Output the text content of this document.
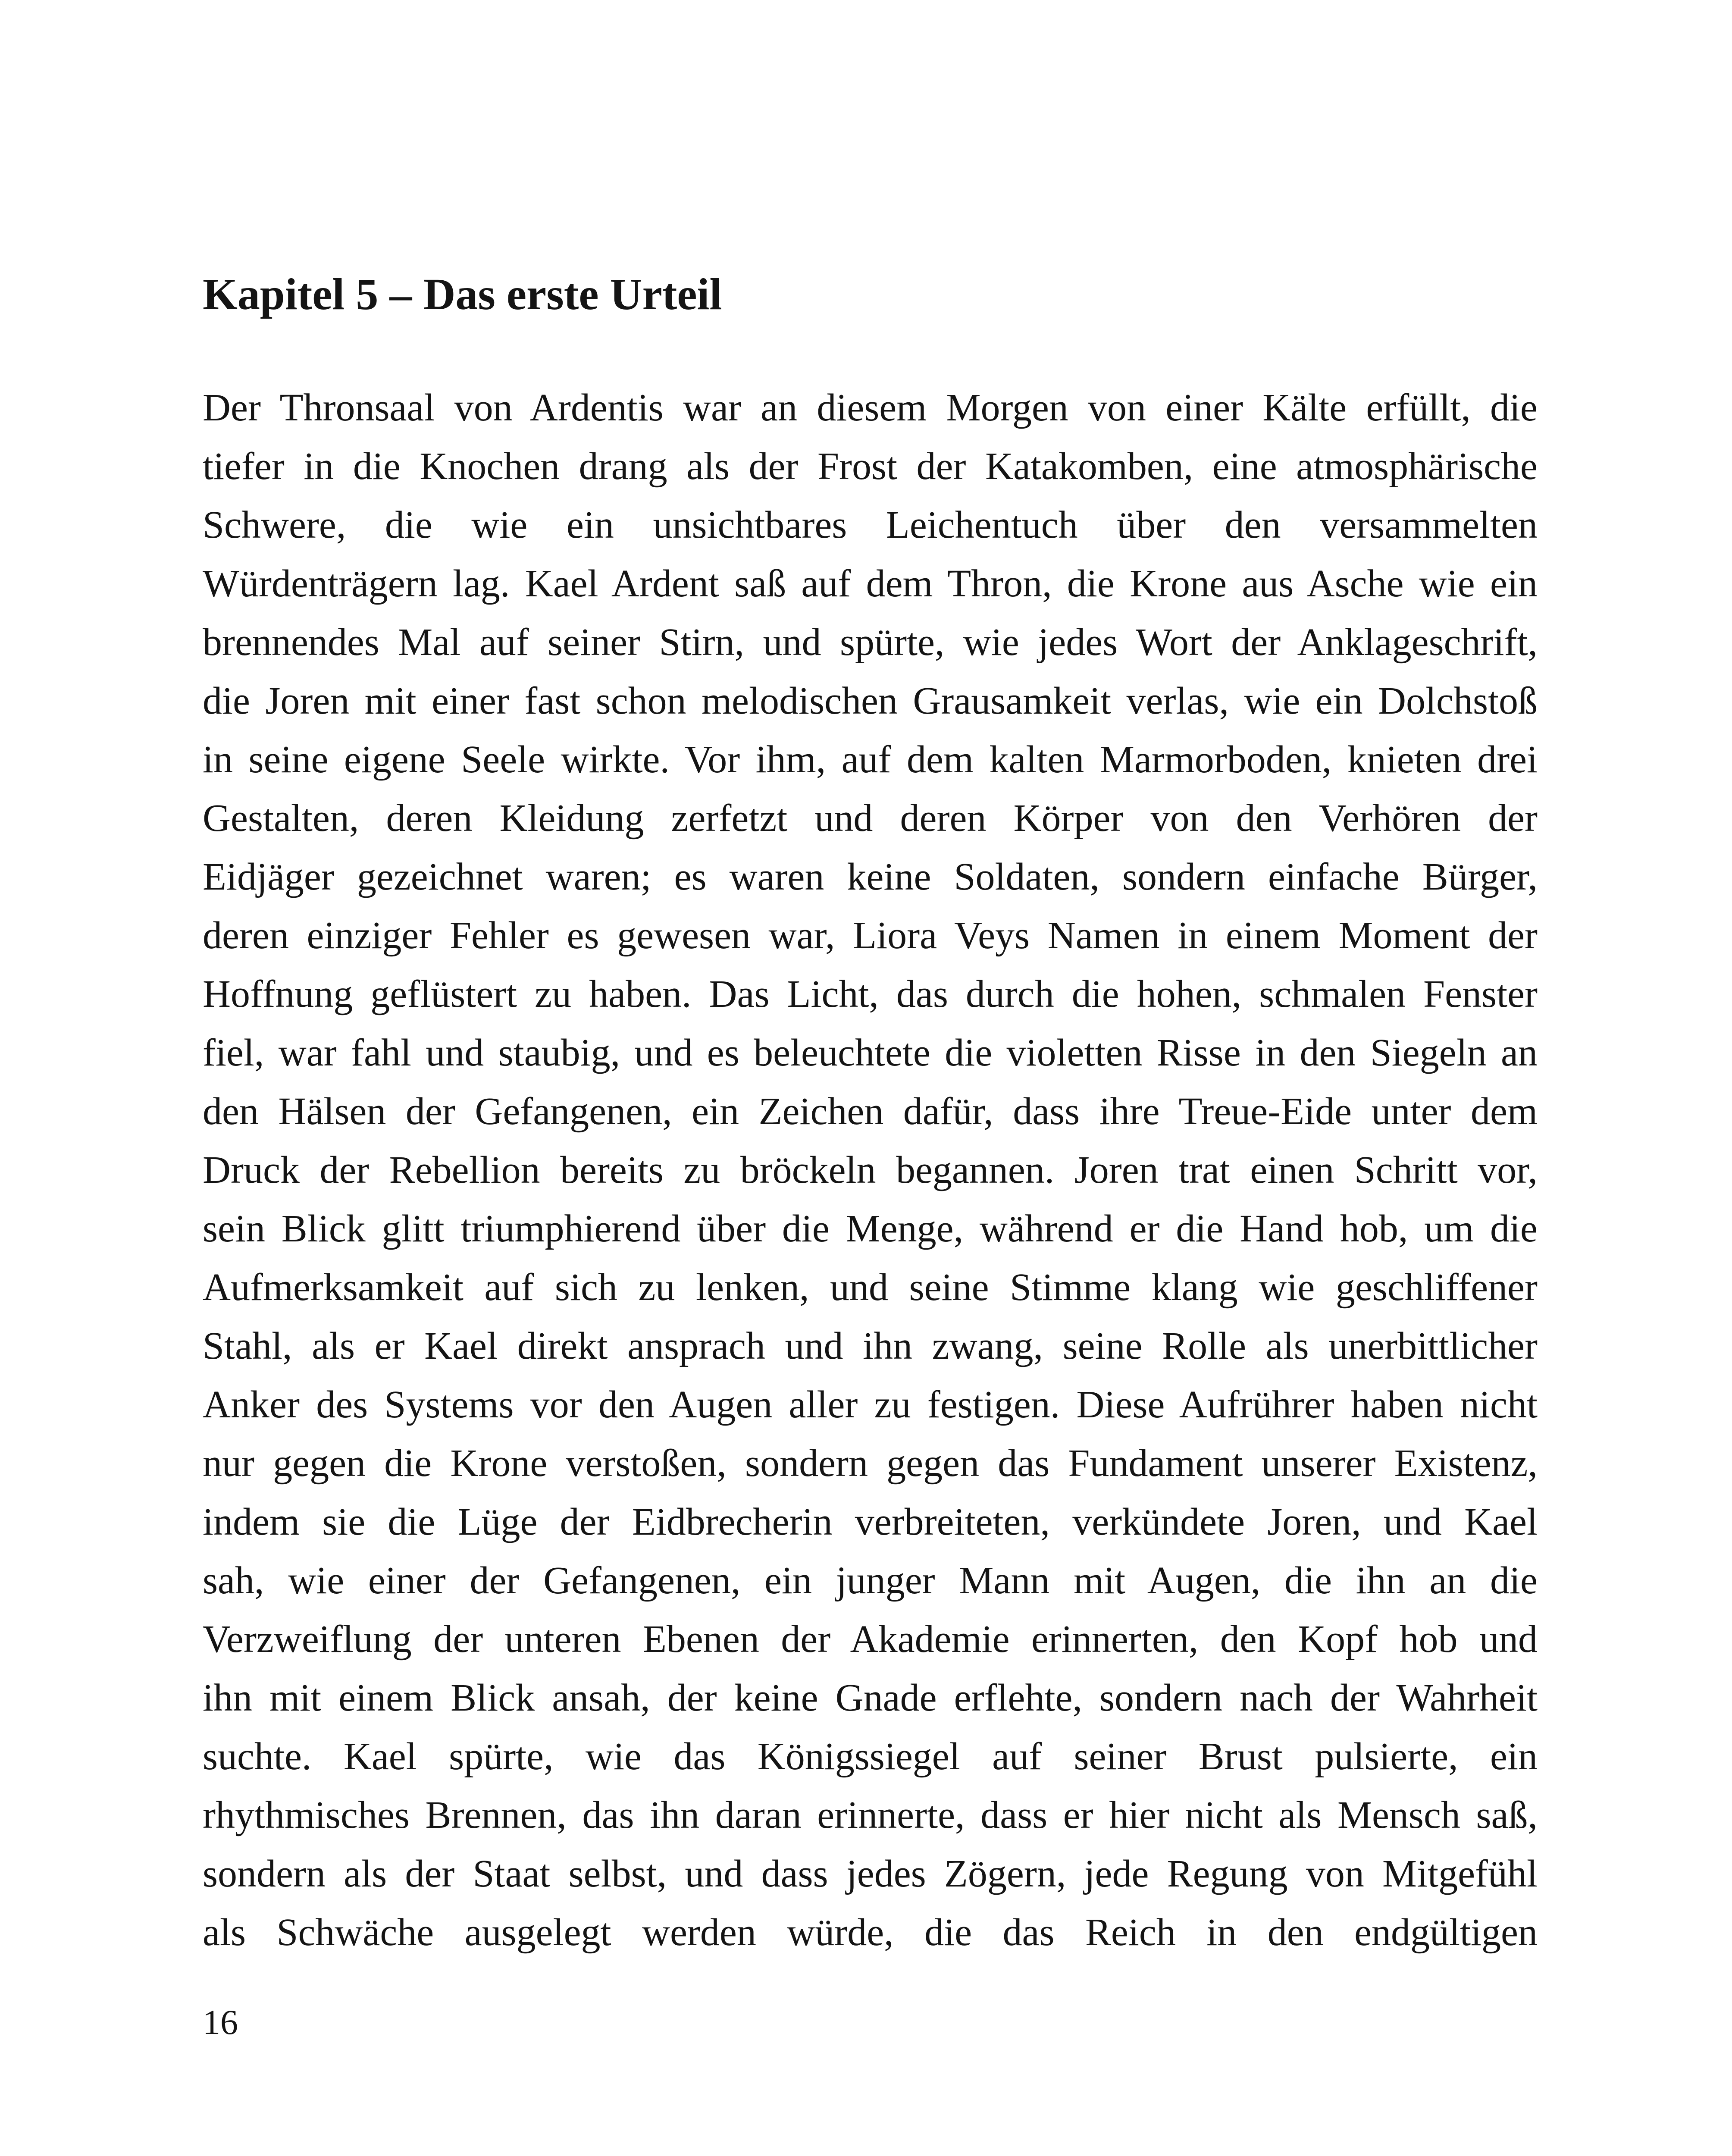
Kapitel 5 – Das erste Urteil
Der Thronsaal von Ardentis war an diesem Morgen von einer Kälte erfüllt, die
tiefer in die Knochen drang als der Frost der Katakomben, eine atmosphärische
Schwere, die wie ein unsichtbares Leichentuch über den versammelten
Würdenträgern lag. Kael Ardent saß auf dem Thron, die Krone aus Asche wie ein
brennendes Mal auf seiner Stirn, und spürte, wie jedes Wort der Anklageschrift,
die Joren mit einer fast schon melodischen Grausamkeit verlas, wie ein Dolchstoß
in seine eigene Seele wirkte. Vor ihm, auf dem kalten Marmorboden, knieten drei
Gestalten, deren Kleidung zerfetzt und deren Körper von den Verhören der
Eidjäger gezeichnet waren; es waren keine Soldaten, sondern einfache Bürger,
deren einziger Fehler es gewesen war, Liora Veys Namen in einem Moment der
Hoffnung geflüstert zu haben. Das Licht, das durch die hohen, schmalen Fenster
fiel, war fahl und staubig, und es beleuchtete die violetten Risse in den Siegeln an
den Hälsen der Gefangenen, ein Zeichen dafür, dass ihre Treue-Eide unter dem
Druck der Rebellion bereits zu bröckeln begannen. Joren trat einen Schritt vor,
sein Blick glitt triumphierend über die Menge, während er die Hand hob, um die
Aufmerksamkeit auf sich zu lenken, und seine Stimme klang wie geschliffener
Stahl, als er Kael direkt ansprach und ihn zwang, seine Rolle als unerbittlicher
Anker des Systems vor den Augen aller zu festigen. Diese Aufrührer haben nicht
nur gegen die Krone verstoßen, sondern gegen das Fundament unserer Existenz,
indem sie die Lüge der Eidbrecherin verbreiteten, verkündete Joren, und Kael
sah, wie einer der Gefangenen, ein junger Mann mit Augen, die ihn an die
Verzweiflung der unteren Ebenen der Akademie erinnerten, den Kopf hob und
ihn mit einem Blick ansah, der keine Gnade erflehte, sondern nach der Wahrheit
suchte. Kael spürte, wie das Königssiegel auf seiner Brust pulsierte, ein
rhythmisches Brennen, das ihn daran erinnerte, dass er hier nicht als Mensch saß,
sondern als der Staat selbst, und dass jedes Zögern, jede Regung von Mitgefühl
als Schwäche ausgelegt werden würde, die das Reich in den endgültigen

16
